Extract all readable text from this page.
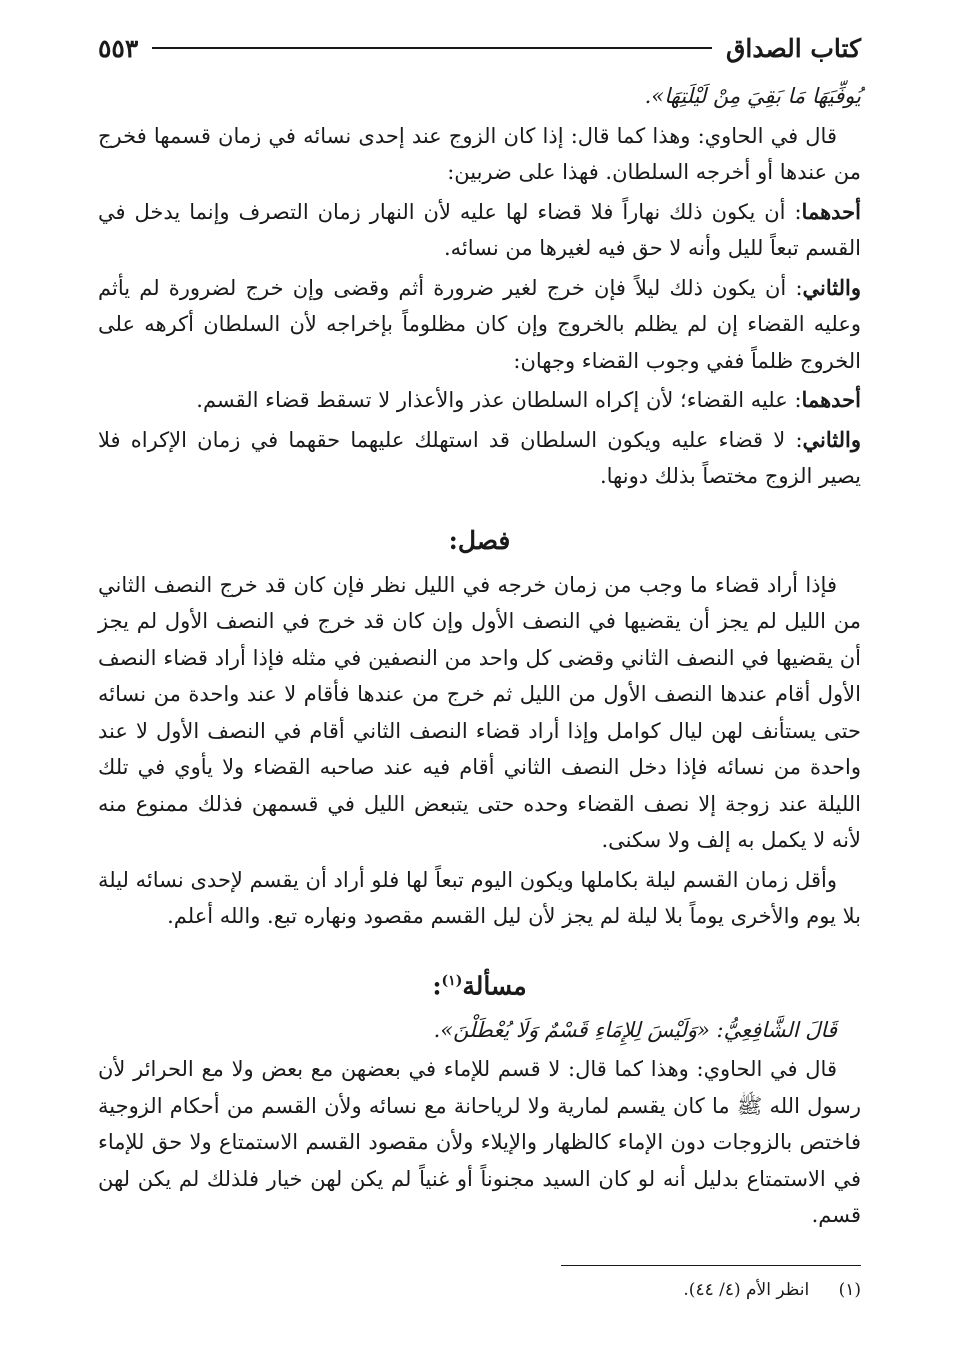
كتاب الصداق
٥٥٣

يُوفِّيَهَا مَا بَقِيَ مِنْ لَيْلَتِهَا».

قال في الحاوي: وهذا كما قال: إذا كان الزوج عند إحدى نسائه في زمان قسمها فخرج من عندها أو أخرجه السلطان. فهذا على ضربين:

أحدهما: أن يكون ذلك نهاراً فلا قضاء لها عليه لأن النهار زمان التصرف وإنما يدخل في القسم تبعاً لليل وأنه لا حق فيه لغيرها من نسائه.

والثاني: أن يكون ذلك ليلاً فإن خرج لغير ضرورة أثم وقضى وإن خرج لضرورة لم يأثم وعليه القضاء إن لم يظلم بالخروج وإن كان مظلوماً بإخراجه لأن السلطان أكرهه على الخروج ظلماً ففي وجوب القضاء وجهان:

أحدهما: عليه القضاء؛ لأن إكراه السلطان عذر والأعذار لا تسقط قضاء القسم.

والثاني: لا قضاء عليه ويكون السلطان قد استهلك عليهما حقهما في زمان الإكراه فلا يصير الزوج مختصاً بذلك دونها.

فصل:

فإذا أراد قضاء ما وجب من زمان خرجه في الليل نظر فإن كان قد خرج النصف الثاني من الليل لم يجز أن يقضيها في النصف الأول وإن كان قد خرج في النصف الأول لم يجز أن يقضيها في النصف الثاني وقضى كل واحد من النصفين في مثله فإذا أراد قضاء النصف الأول أقام عندها النصف الأول من الليل ثم خرج من عندها فأقام لا عند واحدة من نسائه حتى يستأنف لهن ليال كوامل وإذا أراد قضاء النصف الثاني أقام في النصف الأول لا عند واحدة من نسائه فإذا دخل النصف الثاني أقام فيه عند صاحبه القضاء ولا يأوي في تلك الليلة عند زوجة إلا نصف القضاء وحده حتى يتبعض الليل في قسمهن فذلك ممنوع منه لأنه لا يكمل به إلف ولا سكنى.

وأقل زمان القسم ليلة بكاملها ويكون اليوم تبعاً لها فلو أراد أن يقسم لإحدى نسائه ليلة بلا يوم والأخرى يوماً بلا ليلة لم يجز لأن ليل القسم مقصود ونهاره تبع. والله أعلم.

مسألة$^{(١)}$:

قَالَ الشَّافِعِيُّ: «وَلَيْسَ لِلإِمَاءِ قَسْمٌ وَلَا يُعْطَلْنَ».

قال في الحاوي: وهذا كما قال: لا قسم للإماء في بعضهن مع بعض ولا مع الحرائر لأن رسول الله ﷺ ما كان يقسم لمارية ولا لرياحانة مع نسائه ولأن القسم من أحكام الزوجية فاختص بالزوجات دون الإماء كالظهار والإيلاء ولأن مقصود القسم الاستمتاع ولا حق للإماء في الاستمتاع بدليل أنه لو كان السيد مجنوناً أو غنياً لم يكن لهن خيار فلذلك لم يكن لهن قسم.

(١) انظر الأم (٤/ ٤٤).
